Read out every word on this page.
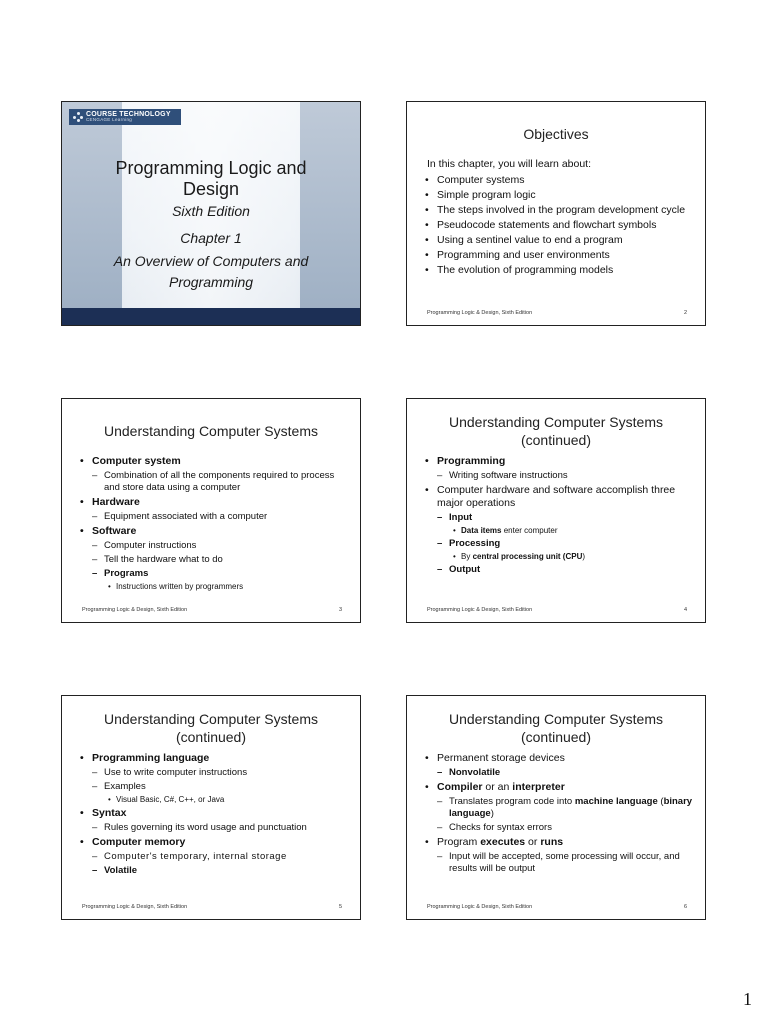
COURSE TECHNOLOGY
CENGAGE Learning
Programming Logic and
Design
Sixth Edition
Chapter 1
An Overview of Computers and
Programming
Objectives
In this chapter, you will learn about:
• Computer systems
• Simple program logic
• The steps involved in the program development cycle
• Pseudocode statements and flowchart symbols
• Using a sentinel value to end a program
• Programming and user environments
• The evolution of programming models
Programming Logic & Design, Sixth Edition	2
Understanding Computer Systems
• Computer system
– Combination of all the components required to process and store data using a computer
• Hardware
– Equipment associated with a computer
• Software
– Computer instructions
– Tell the hardware what to do
– Programs
• Instructions written by programmers
Programming Logic & Design, Sixth Edition	3
Understanding Computer Systems
(continued)
• Programming
– Writing software instructions
• Computer hardware and software accomplish three major operations
– Input
• Data items enter computer
– Processing
• By central processing unit (CPU)
– Output
Programming Logic & Design, Sixth Edition	4
Understanding Computer Systems
(continued)
• Programming language
– Use to write computer instructions
– Examples
• Visual Basic, C#, C++, or Java
• Syntax
– Rules governing its word usage and punctuation
• Computer memory
– Computer's temporary, internal storage
– Volatile
Programming Logic & Design, Sixth Edition	5
Understanding Computer Systems
(continued)
• Permanent storage devices
– Nonvolatile
• Compiler or an interpreter
– Translates program code into machine language (binary language)
– Checks for syntax errors
• Program executes or runs
– Input will be accepted, some processing will occur, and results will be output
Programming Logic & Design, Sixth Edition	6
1
